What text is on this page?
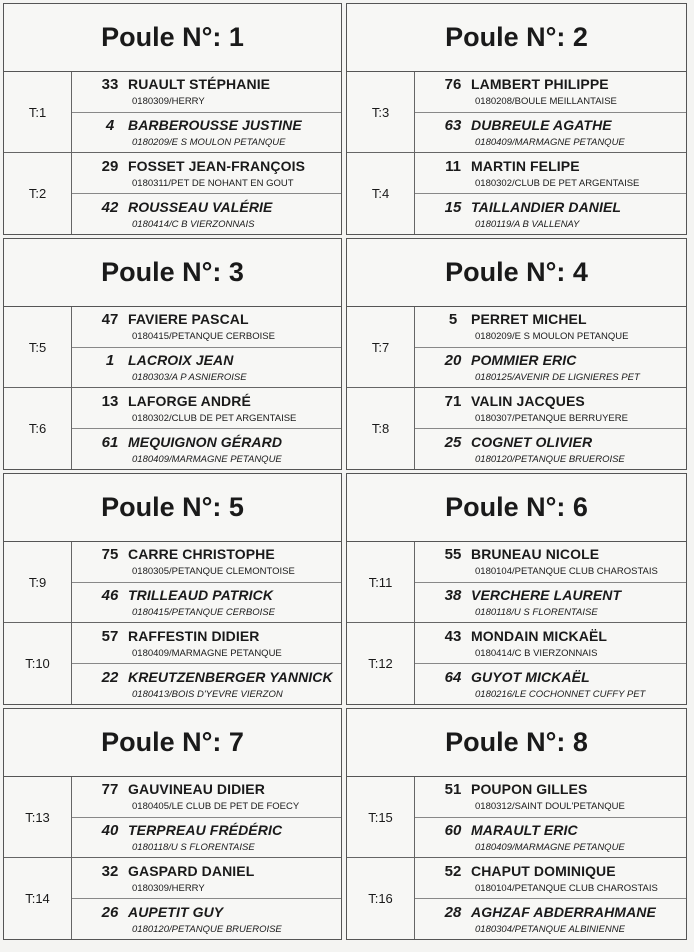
Poule N°: 1
T:1
33 RUAULT STÉPHANIE
0180309/HERRY
4 BARBEROUSSE JUSTINE
0180209/E S MOULON PETANQUE
T:2
29 FOSSET JEAN-FRANÇOIS
0180311/PET DE NOHANT EN GOUT
42 ROUSSEAU VALÉRIE
0180414/C B VIERZONNAIS
Poule N°: 2
T:3
76 LAMBERT PHILIPPE
0180208/BOULE MEILLANTAISE
63 DUBREULE AGATHE
0180409/MARMAGNE PETANQUE
T:4
11 MARTIN FELIPE
0180302/CLUB DE PET ARGENTAISE
15 TAILLANDIER DANIEL
0180119/A B VALLENAY
Poule N°: 3
T:5
47 FAVIERE PASCAL
0180415/PETANQUE CERBOISE
1 LACROIX JEAN
0180303/A P ASNIEROISE
T:6
13 LAFORGE ANDRÉ
0180302/CLUB DE PET ARGENTAISE
61 MEQUIGNON GÉRARD
0180409/MARMAGNE PETANQUE
Poule N°: 4
T:7
5 PERRET MICHEL
0180209/E S MOULON PETANQUE
20 POMMIER ERIC
0180125/AVENIR DE LIGNIERES PET
T:8
71 VALIN JACQUES
0180307/PETANQUE BERRUYERE
25 COGNET OLIVIER
0180120/PETANQUE BRUEROISE
Poule N°: 5
T:9
75 CARRE CHRISTOPHE
0180305/PETANQUE CLEMONTOISE
46 TRILLEAUD PATRICK
0180415/PETANQUE CERBOISE
T:10
57 RAFFESTIN DIDIER
0180409/MARMAGNE PETANQUE
22 KREUTZENBERGER YANNICK
0180413/BOIS D'YEVRE VIERZON
Poule N°: 6
T:11
55 BRUNEAU NICOLE
0180104/PETANQUE CLUB CHAROSTAIS
38 VERCHERE LAURENT
0180118/U S FLORENTAISE
T:12
43 MONDAIN MICKAËL
0180414/C B VIERZONNAIS
64 GUYOT MICKAËL
0180216/LE COCHONNET CUFFY PET
Poule N°: 7
T:13
77 GAUVINEAU DIDIER
0180405/LE CLUB DE PET DE FOECY
40 TERPREAU FRÉDÉRIC
0180118/U S FLORENTAISE
T:14
32 GASPARD DANIEL
0180309/HERRY
26 AUPETIT GUY
0180120/PETANQUE BRUEROISE
Poule N°: 8
T:15
51 POUPON GILLES
0180312/SAINT DOUL'PETANQUE
60 MARAULT ERIC
0180409/MARMAGNE PETANQUE
T:16
52 CHAPUT DOMINIQUE
0180104/PETANQUE CLUB CHAROSTAIS
28 AGHZAF ABDERRAHMANE
0180304/PETANQUE ALBINIENNE
